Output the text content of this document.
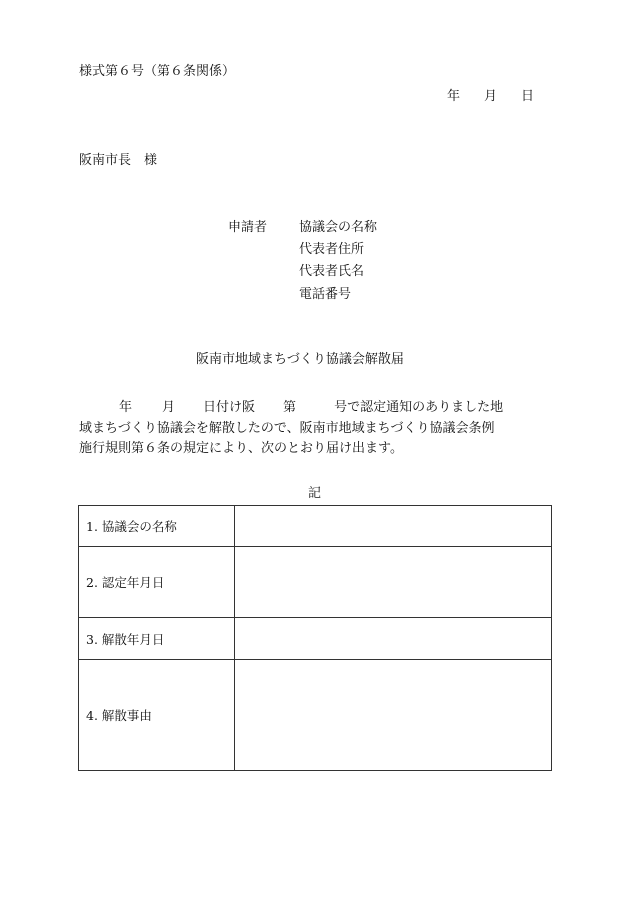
様式第６号（第６条関係）
年 月 日
阪南市長 様
申請者 協議会の名称
代表者住所
代表者氏名
電話番号
阪南市地域まちづくり協議会解散届
年 月 日付け阪 第	号で認定通知のありました地
域まちづくり協議会を解散したので、阪南市地域まちづくり協議会条例
施行規則第６条の規定により、次のとおり届け出ます。
記
1. 協議会の名称	
2. 認定年月日	
3. 解散年月日	
4. 解散事由	
